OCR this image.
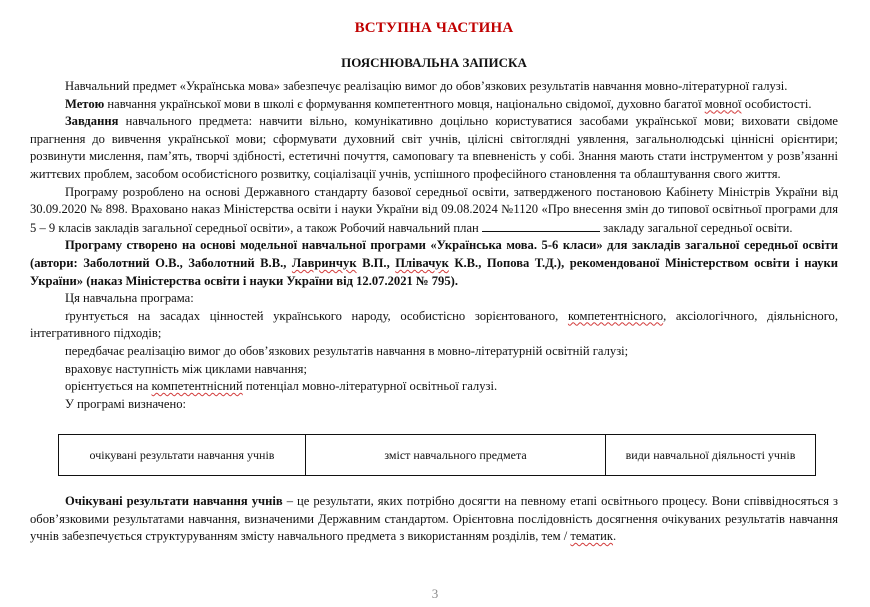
ВСТУПНА ЧАСТИНА
ПОЯСНЮВАЛЬНА ЗАПИСКА

Навчальний предмет «Українська мова» забезпечує реалізацію вимог до обов’язкових результатів навчання мовно-літературної галузі.

Метою навчання української мови в школі є формування компетентного мовця, національно свідомої, духовно багатої мовної особистості.

Завдання навчального предмета: навчити вільно, комунікативно доцільно користуватися засобами української мови; виховати свідоме прагнення до вивчення української мови; сформувати духовний світ учнів, цілісні світоглядні уявлення, загальнолюдські ціннісні орієнтири; розвинути мислення, пам’ять, творчі здібності, естетичні почуття, самоповагу та впевненість у собі. Знання мають стати інструментом у розв’язанні життєвих проблем, засобом особистісного розвитку, соціалізації учнів, успішного професійного становлення та облаштування свого життя.

Програму розроблено на основі Державного стандарту базової середньої освіти, затвердженого постановою Кабінету Міністрів України від 30.09.2020 № 898. Враховано наказ Міністерства освіти і науки України від 09.08.2024 №1120 «Про внесення змін до типової освітньої програми для 5 – 9 класів закладів загальної середньої освіти», а також Робочий навчальний план	закладу загальної середньої освіти.

Програму створено на основі модельної навчальної програми «Українська мова. 5-6 класи» для закладів загальної середньої освіти (автори: Заболотний О.В., Заболотний В.В., Лавринчук В.П., Плівачук К.В., Попова Т.Д.), рекомендованої Міністерством освіти і науки України» (наказ Міністерства освіти і науки України від 12.07.2021 № 795).

Ця навчальна програма:

ґрунтується на засадах цінностей українського народу, особистісно зорієнтованого, компетентнісного, аксіологічного, діяльнісного, інтегративного підходів;

передбачає реалізацію вимог до обов’язкових результатів навчання в мовно-літературній освітній галузі;

враховує наступність між циклами навчання;

орієнтується на компетентнісний потенціал мовно-літературної освітньої галузі.

У програмі визначено:

очікувані результати навчання учнів	зміст навчального предмета	види навчальної діяльності учнів

Очікувані результати навчання учнів – це результати, яких потрібно досягти на певному етапі освітнього процесу. Вони співвідносяться з обов’язковими результатами навчання, визначеними Державним стандартом. Орієнтовна послідовність досягнення очікуваних результатів навчання учнів забезпечується структуруванням змісту навчального предмета з використанням розділів, тем / тематик.

3
